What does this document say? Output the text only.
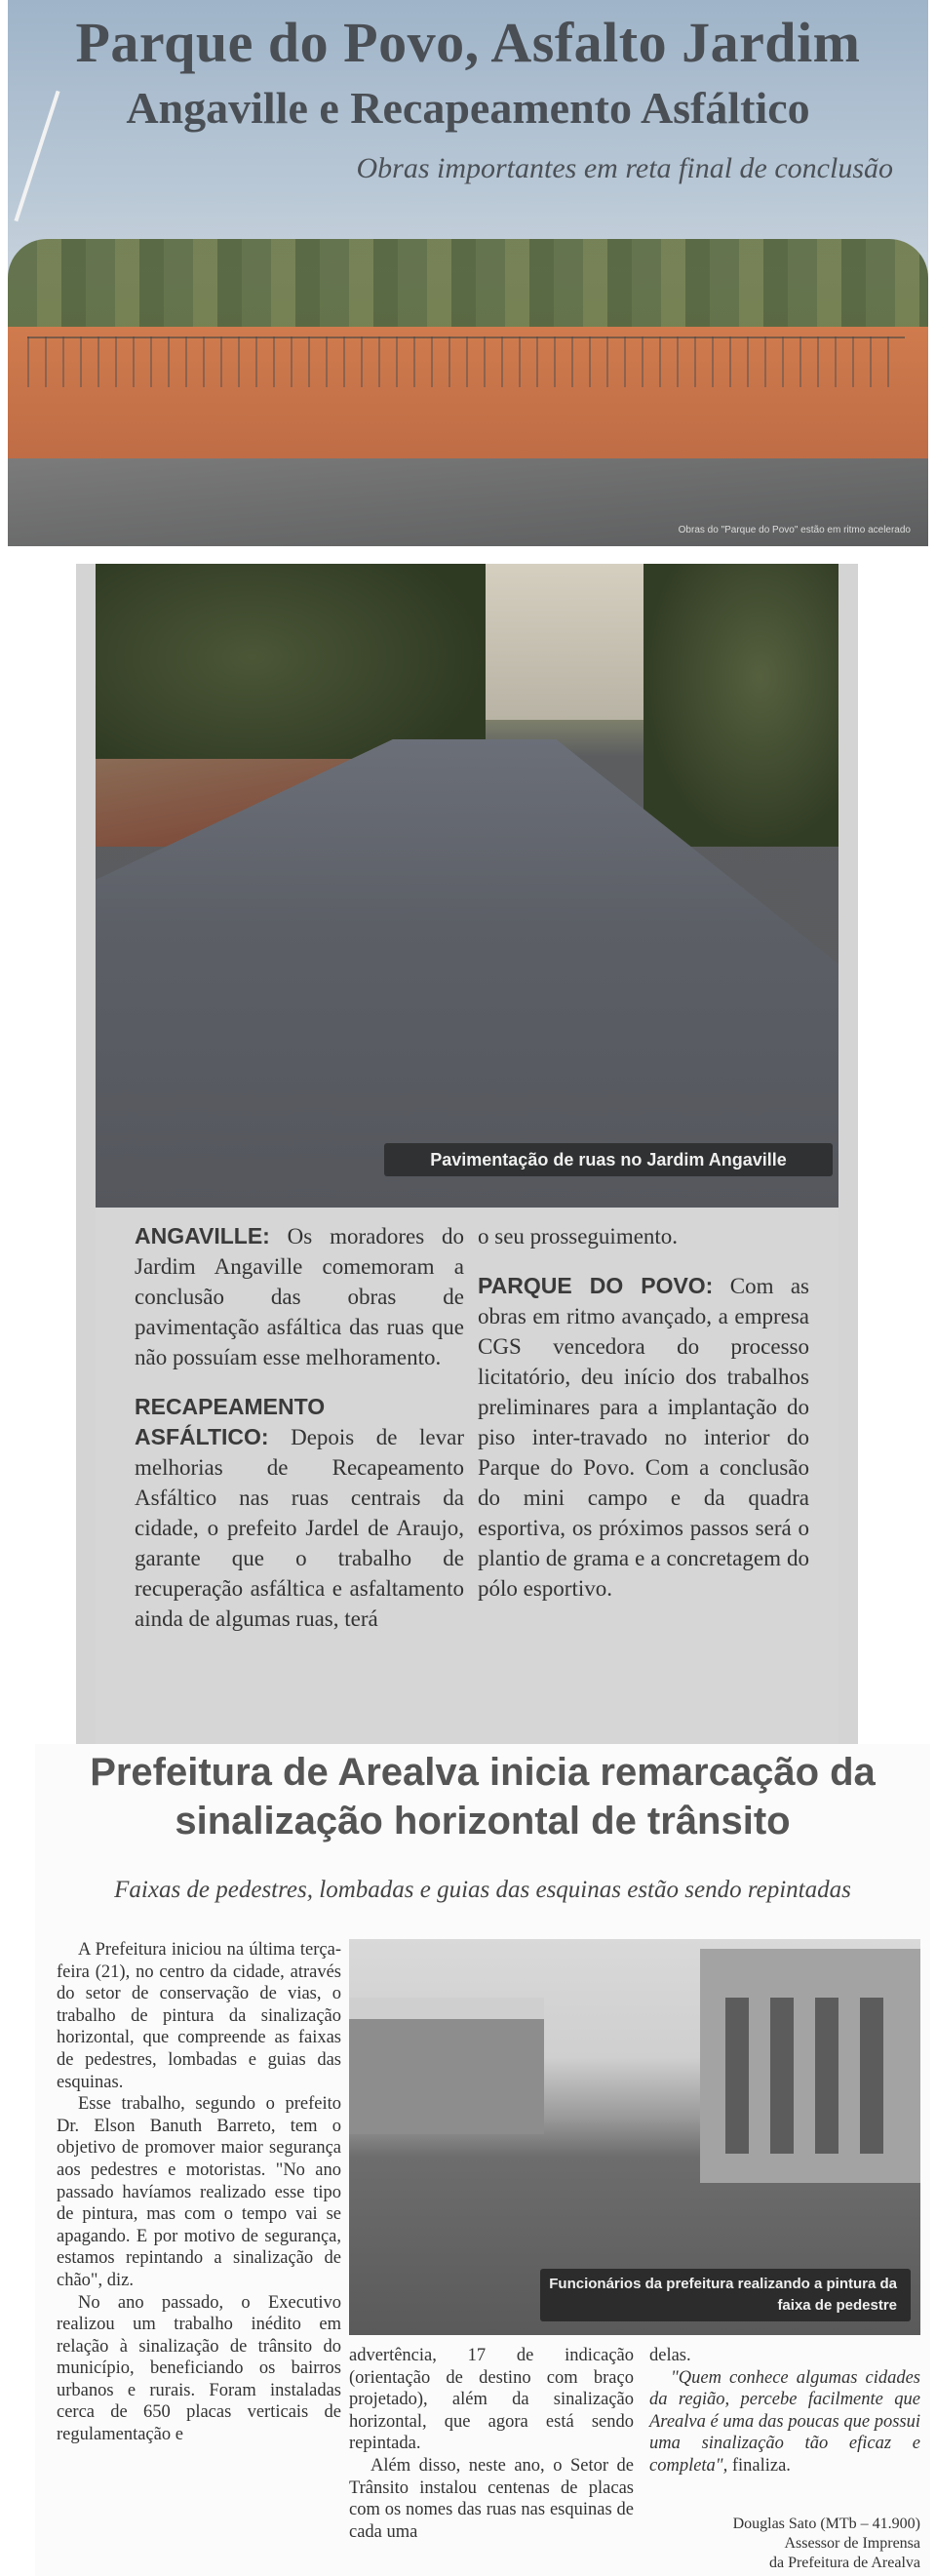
Parque do Povo, Asfalto Jardim
Angaville e Recapeamento Asfáltico
Obras importantes em reta final de conclusão
Obras do "Parque do Povo" estão em ritmo acelerado
Pavimentação de ruas no Jardim Angaville

ANGAVILLE: Os moradores do Jardim Angaville comemoram a conclusão das obras de pavimentação asfáltica das ruas que não possuíam esse melhoramento.

RECAPEAMENTO ASFÁLTICO: Depois de levar melhorias de Recapeamento Asfáltico nas ruas centrais da cidade, o prefeito Jardel de Araujo, garante que o trabalho de recuperação asfáltica e asfaltamento ainda de algumas ruas, terá

o seu prosseguimento.

PARQUE DO POVO: Com as obras em ritmo avançado, a empresa CGS vencedora do processo licitatório, deu início dos trabalhos preliminares para a implantação do piso inter-travado no interior do Parque do Povo. Com a conclusão do mini campo e da quadra esportiva, os próximos passos será o plantio de grama e a concretagem do pólo esportivo.

Prefeitura de Arealva inicia remarcação da sinalização horizontal de trânsito
Faixas de pedestres, lombadas e guias das esquinas estão sendo repintadas
Funcionários da prefeitura realizando a pintura da faixa de pedestre

A Prefeitura iniciou na última terça-feira (21), no centro da cidade, através do setor de conservação de vias, o trabalho de pintura da sinalização horizontal, que compreende as faixas de pedestres, lombadas e guias das esquinas.

Esse trabalho, segundo o prefeito Dr. Elson Banuth Barreto, tem o objetivo de promover maior segurança aos pedestres e motoristas. "No ano passado havíamos realizado esse tipo de pintura, mas com o tempo vai se apagando. E por motivo de segurança, estamos repintando a sinalização de chão", diz.

No ano passado, o Executivo realizou um trabalho inédito em relação à sinalização de trânsito do município, beneficiando os bairros urbanos e rurais. Foram instaladas cerca de 650 placas verticais de regulamentação e

advertência, 17 de indicação (orientação de destino com braço projetado), além da sinalização horizontal, que agora está sendo repintada.

Além disso, neste ano, o Setor de Trânsito instalou centenas de placas com os nomes das ruas nas esquinas de cada uma

delas.

"Quem conhece algumas cidades da região, percebe facilmente que Arealva é uma das poucas que possui uma sinalização tão eficaz e completa", finaliza.

Douglas Sato (MTb – 41.900)
Assessor de Imprensa
da Prefeitura de Arealva
